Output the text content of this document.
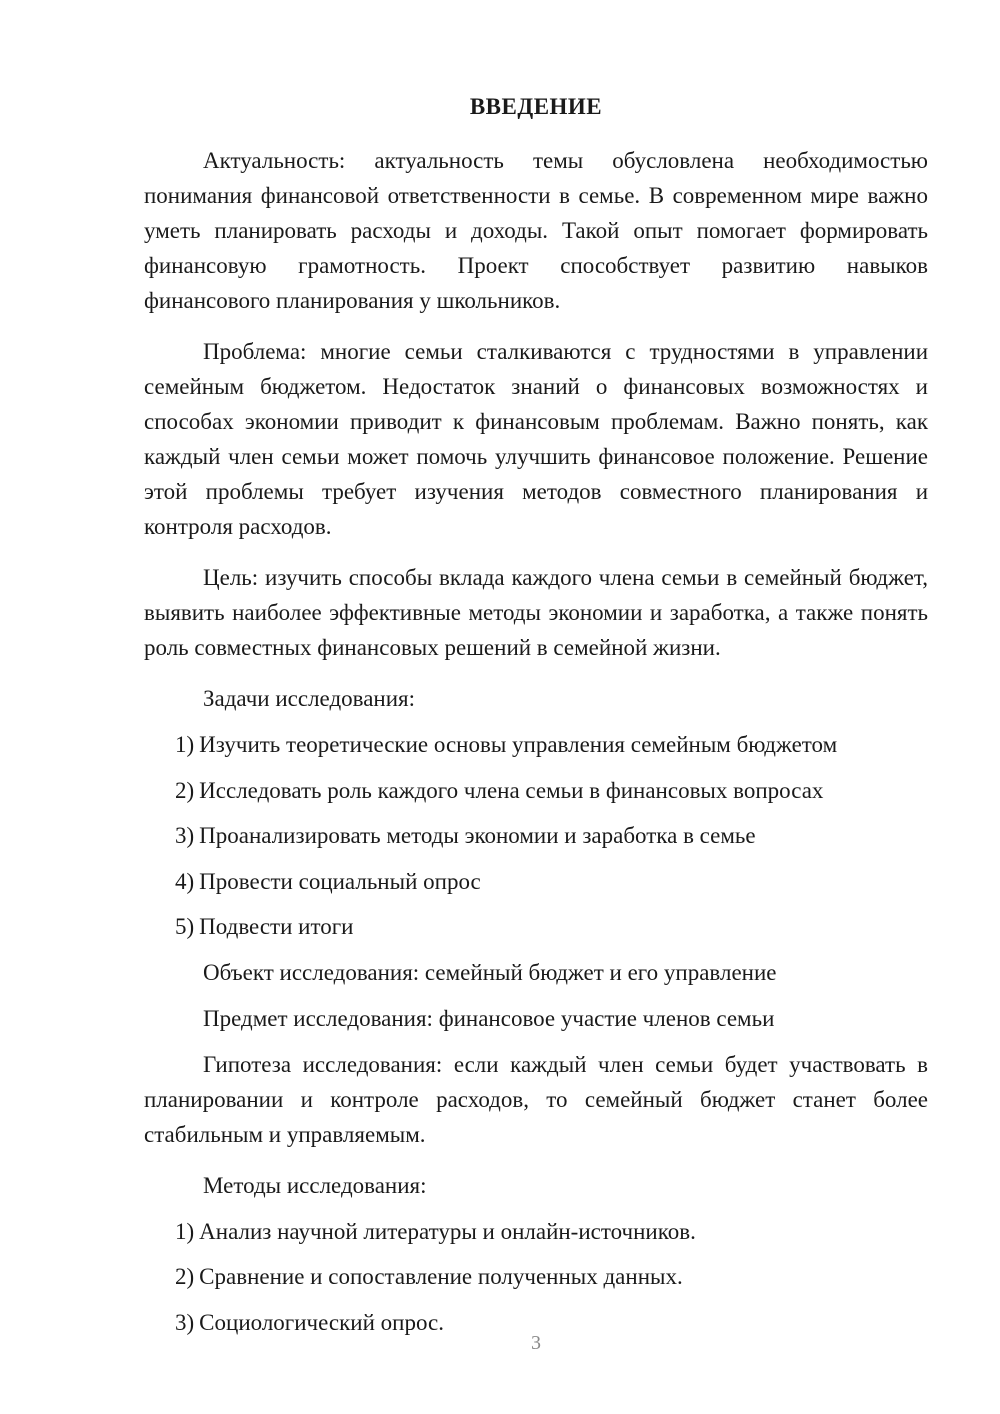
ВВЕДЕНИЕ

Актуальность: актуальность темы обусловлена необходимостью понимания финансовой ответственности в семье. В современном мире важно уметь планировать расходы и доходы. Такой опыт помогает формировать финансовую грамотность. Проект способствует развитию навыков финансового планирования у школьников.

Проблема: многие семьи сталкиваются с трудностями в управлении семейным бюджетом. Недостаток знаний о финансовых возможностях и способах экономии приводит к финансовым проблемам. Важно понять, как каждый член семьи может помочь улучшить финансовое положение. Решение этой проблемы требует изучения методов совместного планирования и контроля расходов.

Цель: изучить способы вклада каждого члена семьи в семейный бюджет, выявить наиболее эффективные методы экономии и заработка, а также понять роль совместных финансовых решений в семейной жизни.

Задачи исследования:
1) Изучить теоретические основы управления семейным бюджетом
2) Исследовать роль каждого члена семьи в финансовых вопросах
3) Проанализировать методы экономии и заработка в семье
4) Провести социальный опрос
5) Подвести итоги
Объект исследования: семейный бюджет и его управление
Предмет исследования: финансовое участие членов семьи

Гипотеза исследования: если каждый член семьи будет участвовать в планировании и контроле расходов, то семейный бюджет станет более стабильным и управляемым.

Методы исследования:
1) Анализ научной литературы и онлайн-источников.
2) Сравнение и сопоставление полученных данных.
3) Социологический опрос.
3
